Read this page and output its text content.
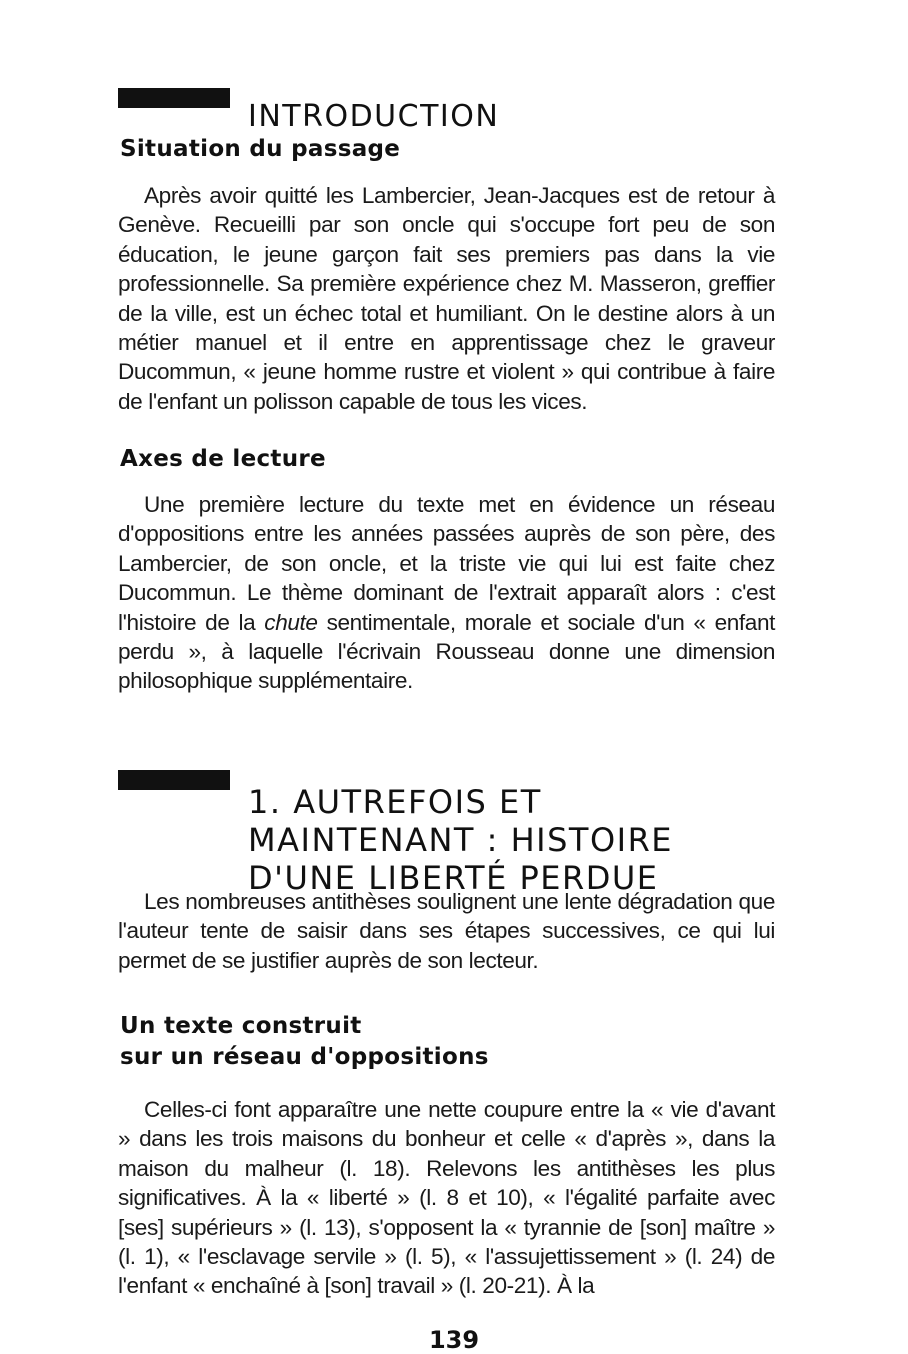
INTRODUCTION
Situation du passage

Après avoir quitté les Lambercier, Jean-Jacques est de retour à Genève. Recueilli par son oncle qui s'occupe fort peu de son éducation, le jeune garçon fait ses premiers pas dans la vie professionnelle. Sa première expérience chez M. Masseron, greffier de la ville, est un échec total et humiliant. On le destine alors à un métier manuel et il entre en apprentissage chez le graveur Ducommun, « jeune homme rustre et violent » qui contribue à faire de l'enfant un polisson capable de tous les vices.

Axes de lecture

Une première lecture du texte met en évidence un réseau d'oppositions entre les années passées auprès de son père, des Lambercier, de son oncle, et la triste vie qui lui est faite chez Ducommun. Le thème dominant de l'extrait apparaît alors : c'est l'histoire de la chute sentimentale, morale et sociale d'un « enfant perdu », à laquelle l'écrivain Rousseau donne une dimension philosophique supplémentaire.

1. AUTREFOIS ET
MAINTENANT : HISTOIRE
D'UNE LIBERTÉ PERDUE

Les nombreuses antithèses soulignent une lente dégradation que l'auteur tente de saisir dans ses étapes successives, ce qui lui permet de se justifier auprès de son lecteur.

Un texte construit
sur un réseau d'oppositions

Celles-ci font apparaître une nette coupure entre la « vie d'avant » dans les trois maisons du bonheur et celle « d'après », dans la maison du malheur (l. 18). Relevons les antithèses les plus significatives. À la « liberté » (l. 8 et 10), « l'égalité parfaite avec [ses] supérieurs » (l. 13), s'opposent la « tyrannie de [son] maître » (l. 1), « l'esclavage servile » (l. 5), « l'assujettissement » (l. 24) de l'enfant « enchaîné à [son] travail » (l. 20-21). À la

139
